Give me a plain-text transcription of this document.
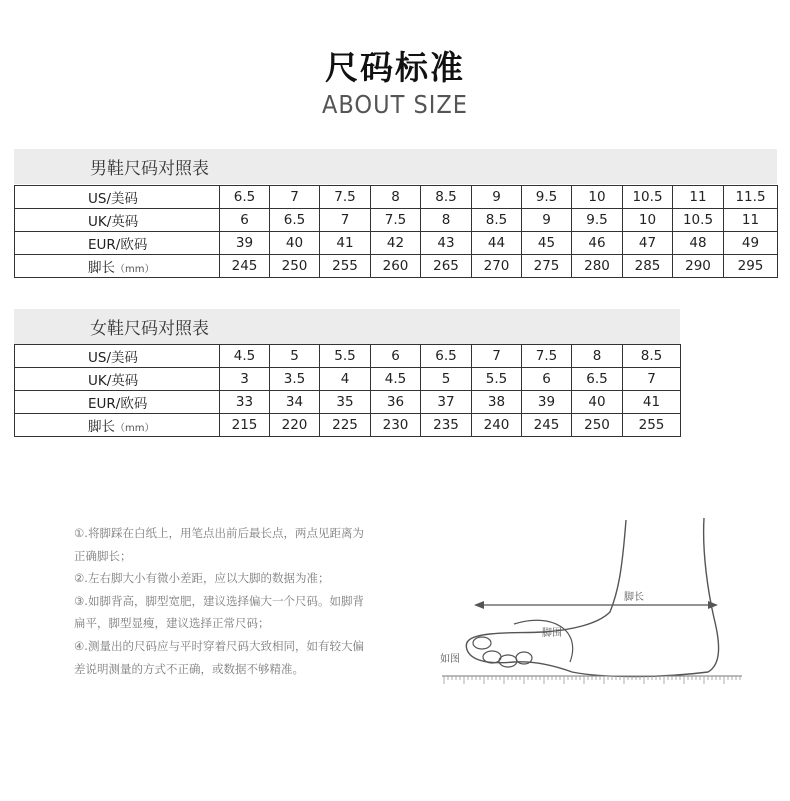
尺码标准
ABOUT SIZE
男鞋尺码对照表
US/美码	6.5	7	7.5	8	8.5	9	9.5	10	10.5	11	11.5
UK/英码	6	6.5	7	7.5	8	8.5	9	9.5	10	10.5	11
EUR/欧码	39	40	41	42	43	44	45	46	47	48	49
脚长（mm）	245	250	255	260	265	270	275	280	285	290	295
女鞋尺码对照表
US/美码	4.5	5	5.5	6	6.5	7	7.5	8	8.5
UK/英码	3	3.5	4	4.5	5	5.5	6	6.5	7
EUR/欧码	33	34	35	36	37	38	39	40	41
脚长（mm）	215	220	225	230	235	240	245	250	255
①.将脚踩在白纸上，用笔点出前后最长点，两点见距离为
正确脚长；
②.左右脚大小有微小差距，应以大脚的数据为准；
③.如脚背高，脚型宽肥，建议选择偏大一个尺码。如脚背
扁平，脚型显瘦，建议选择正常尺码；
④.测量出的尺码应与平时穿着尺码大致相同，如有较大偏
差说明测量的方式不正确，或数据不够精准。
脚长
脚围
如图
